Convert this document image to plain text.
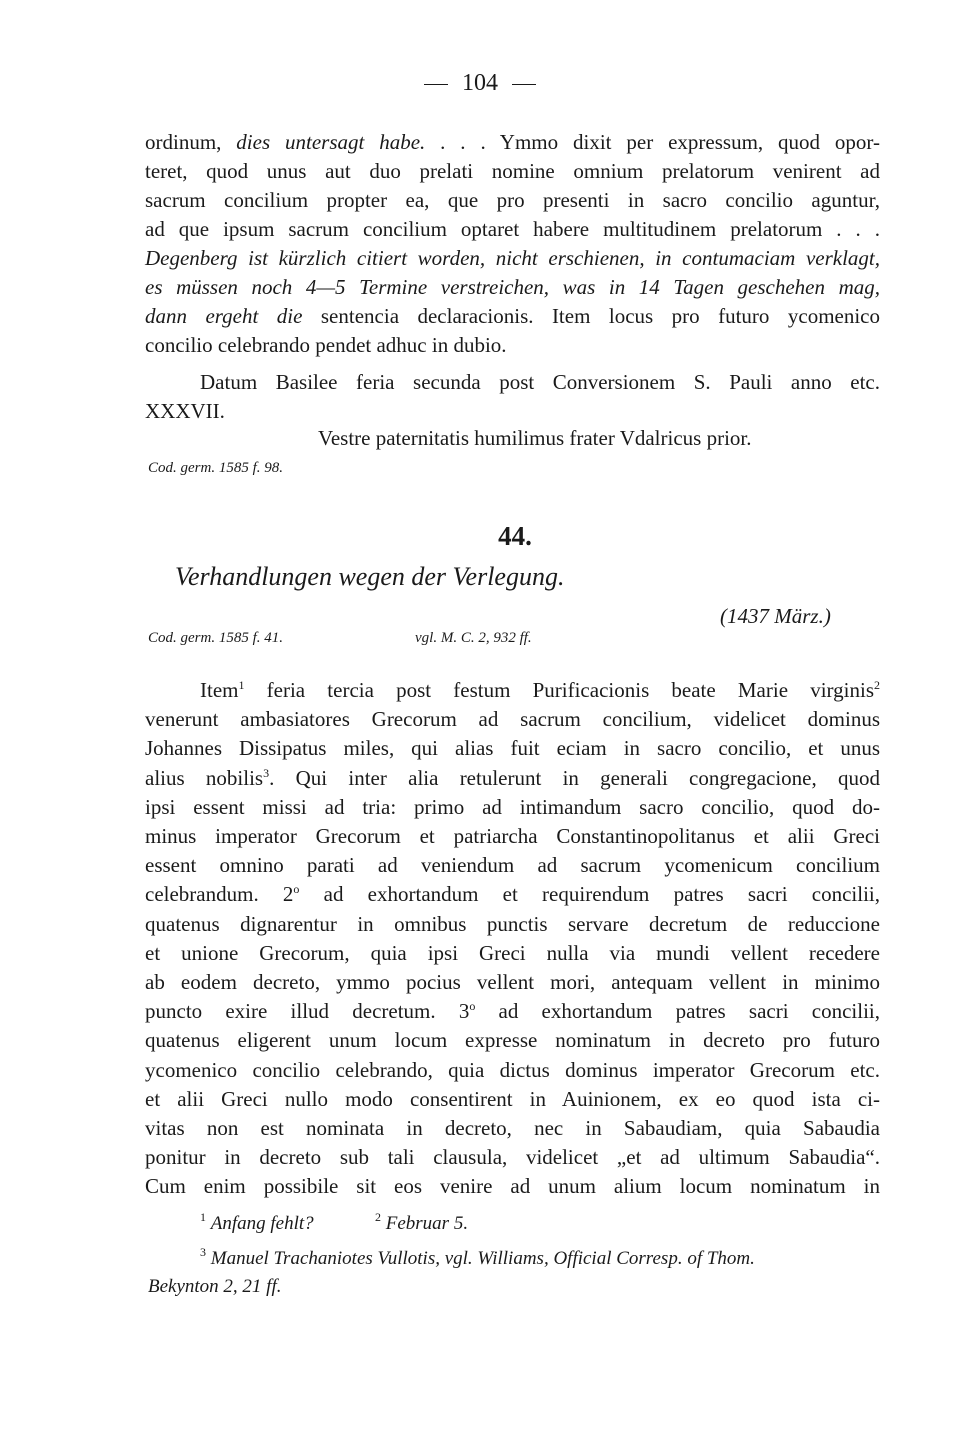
104
ordinum, dies untersagt habe. . . . Ymmo dixit per expressum, quod opor-
teret, quod unus aut duo prelati nomine omnium prelatorum venirent ad
sacrum concilium propter ea, que pro presenti in sacro concilio aguntur,
ad que ipsum sacrum concilium optaret habere multitudinem prelatorum . . .
Degenberg ist kürzlich citiert worden, nicht erschienen, in contumaciam verklagt,
es müssen noch 4—5 Termine verstreichen, was in 14 Tagen geschehen mag,
dann ergeht die sentencia declaracionis. Item locus pro futuro ycomenico
concilio celebrando pendet adhuc in dubio.
Datum Basilee feria secunda post Conversionem S. Pauli anno etc.
XXXVII.
Vestre paternitatis humilimus frater Vdalricus prior.
Cod. germ. 1585 f. 98.
44.
Verhandlungen wegen der Verlegung.
(1437 März.)
Cod. germ. 1585 f. 41.	vgl. M. C. 2, 932 ff.
Item$^1$ feria tercia post festum Purificacionis beate Marie virginis$^2$
venerunt ambasiatores Grecorum ad sacrum concilium, videlicet dominus
Johannes Dissipatus miles, qui alias fuit eciam in sacro concilio, et unus
alius nobilis$^3$. Qui inter alia retulerunt in generali congregacione, quod
ipsi essent missi ad tria: primo ad intimandum sacro concilio, quod do-
minus imperator Grecorum et patriarcha Constantinopolitanus et alii Greci
essent omnino parati ad veniendum ad sacrum ycomenicum concilium
celebrandum. 2$^o$ ad exhortandum et requirendum patres sacri concilii,
quatenus dignarentur in omnibus punctis servare decretum de reduccione
et unione Grecorum, quia ipsi Greci nulla via mundi vellent recedere
ab eodem decreto, ymmo pocius vellent mori, antequam vellent in minimo
puncto exire illud decretum. 3$^o$ ad exhortandum patres sacri concilii,
quatenus eligerent unum locum expresse nominatum in decreto pro futuro
ycomenico concilio celebrando, quia dictus dominus imperator Grecorum etc.
et alii Greci nullo modo consentirent in Auinionem, ex eo quod ista ci-
vitas non est nominata in decreto, nec in Sabaudiam, quia Sabaudia
ponitur in decreto sub tali clausula, videlicet „et ad ultimum Sabaudia“.
Cum enim possibile sit eos venire ad unum alium locum nominatum in
$^1$ Anfang fehlt?	$^2$ Februar 5.
$^3$ Manuel Trachaniotes Vullotis, vgl. Williams, Official Corresp. of Thom.
Bekynton 2, 21 ff.
